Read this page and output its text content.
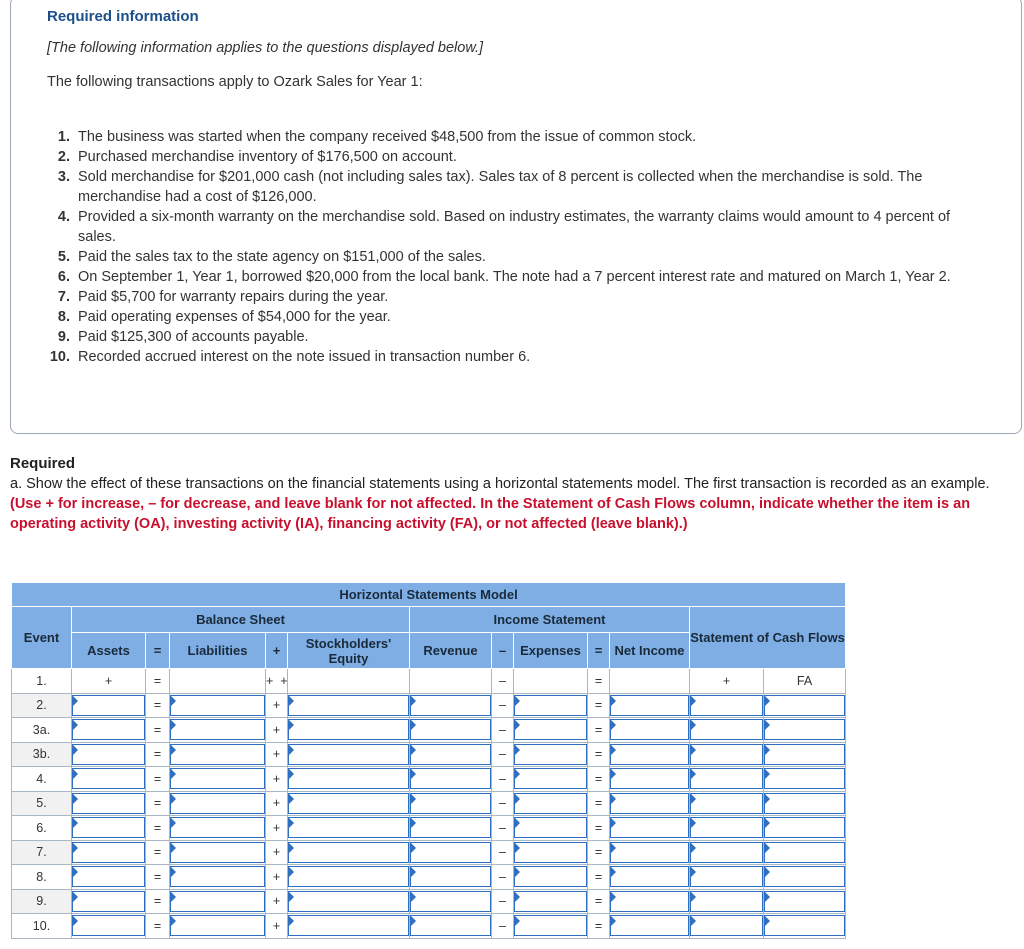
Required information
[The following information applies to the questions displayed below.]
The following transactions apply to Ozark Sales for Year 1:
1. The business was started when the company received $48,500 from the issue of common stock.
2. Purchased merchandise inventory of $176,500 on account.
3. Sold merchandise for $201,000 cash (not including sales tax). Sales tax of 8 percent is collected when the merchandise is sold. The merchandise had a cost of $126,000.
4. Provided a six-month warranty on the merchandise sold. Based on industry estimates, the warranty claims would amount to 4 percent of sales.
5. Paid the sales tax to the state agency on $151,000 of the sales.
6. On September 1, Year 1, borrowed $20,000 from the local bank. The note had a 7 percent interest rate and matured on March 1, Year 2.
7. Paid $5,700 for warranty repairs during the year.
8. Paid operating expenses of $54,000 for the year.
9. Paid $125,300 of accounts payable.
10. Recorded accrued interest on the note issued in transaction number 6.
Required
a. Show the effect of these transactions on the financial statements using a horizontal statements model. The first transaction is recorded as an example. (Use + for increase, – for decrease, and leave blank for not affected. In the Statement of Cash Flows column, indicate whether the item is an operating activity (OA), investing activity (IA), financing activity (FA), or not affected (leave blank).)
Horizontal Statements Model												
Event	Balance Sheet					Income Statement					Statement of Cash Flows	
	Assets	=	Liabilities	+	Stockholders' Equity	Revenue	–	Expenses	=	Net Income		
1.	+	=		+ +			–		=		+	FA
2.		=		+			–		=	

3a.		=		+			–		=	

3b.		=		+			–		=	

4.		=		+			–		=	

5.		=		+			–		=	

6.		=		+			–		=	

7.		=		+			–		=	

8.		=		+			–		=	

9.		=		+			–		=	

10.		=		+			–		=	
